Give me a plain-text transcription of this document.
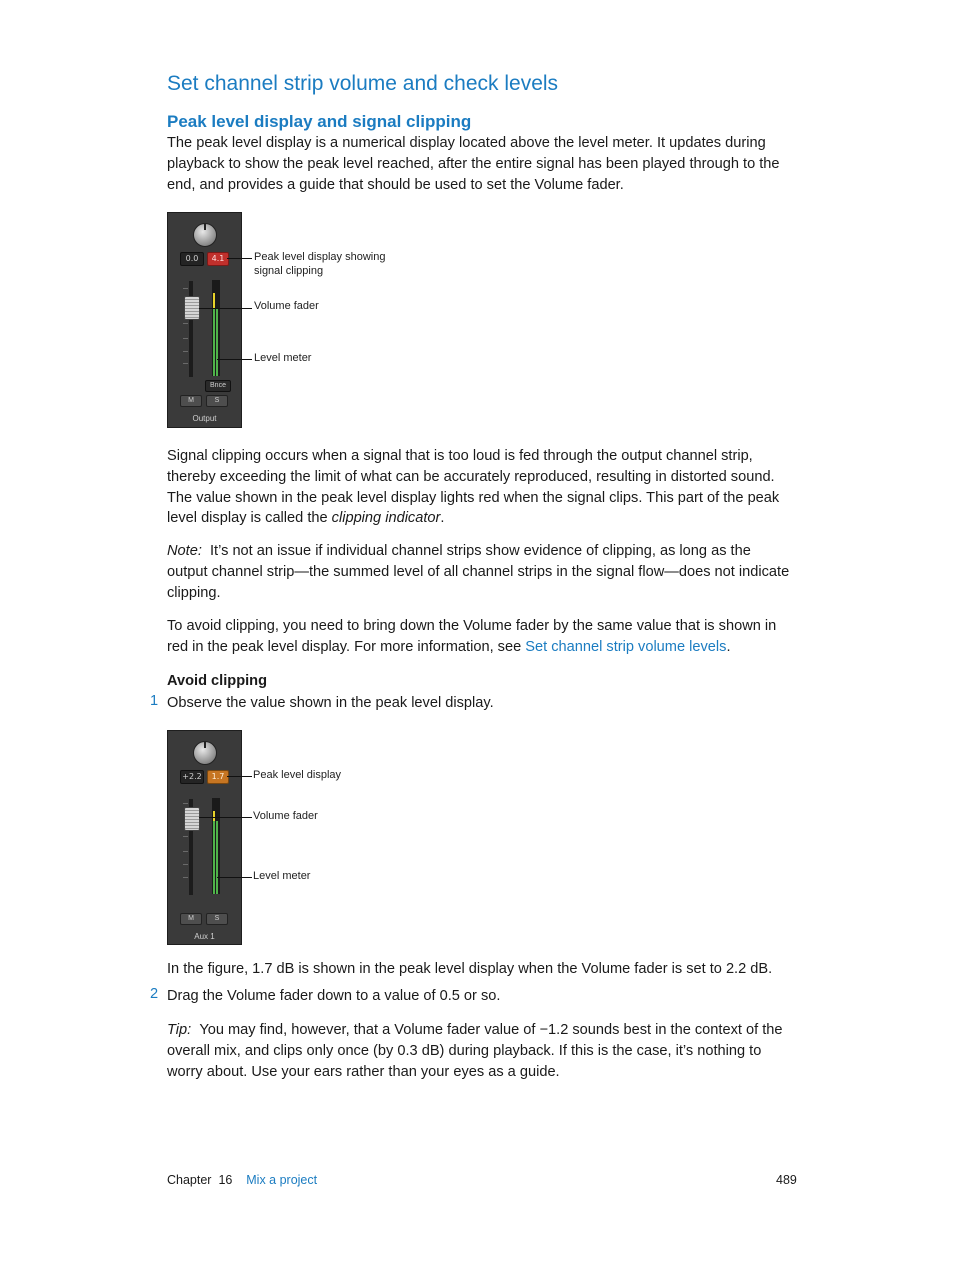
Set channel strip volume and check levels
Peak level display and signal clipping
The peak level display is a numerical display located above the level meter. It updates during playback to show the peak level reached, after the entire signal has been played through to the end, and provides a guide that should be used to set the Volume fader.
0.0	4.1
Bnce
M	S
Output
Peak level display showing
signal clipping
Volume fader
Level meter
Signal clipping occurs when a signal that is too loud is fed through the output channel strip, thereby exceeding the limit of what can be accurately reproduced, resulting in distorted sound. The value shown in the peak level display lights red when the signal clips. This part of the peak level display is called the clipping indicator.
Note: It’s not an issue if individual channel strips show evidence of clipping, as long as the output channel strip—the summed level of all channel strips in the signal flow—does not indicate clipping.
To avoid clipping, you need to bring down the Volume fader by the same value that is shown in red in the peak level display. For more information, see Set channel strip volume levels.
Avoid clipping
1 Observe the value shown in the peak level display.
+2.2	1.7
M	S
Aux 1
Peak level display
Volume fader
Level meter
In the figure, 1.7 dB is shown in the peak level display when the Volume fader is set to 2.2 dB.
2 Drag the Volume fader down to a value of 0.5 or so.
Tip: You may find, however, that a Volume fader value of −1.2 sounds best in the context of the overall mix, and clips only once (by 0.3 dB) during playback. If this is the case, it’s nothing to worry about. Use your ears rather than your eyes as a guide.
Chapter 16 Mix a project	489
